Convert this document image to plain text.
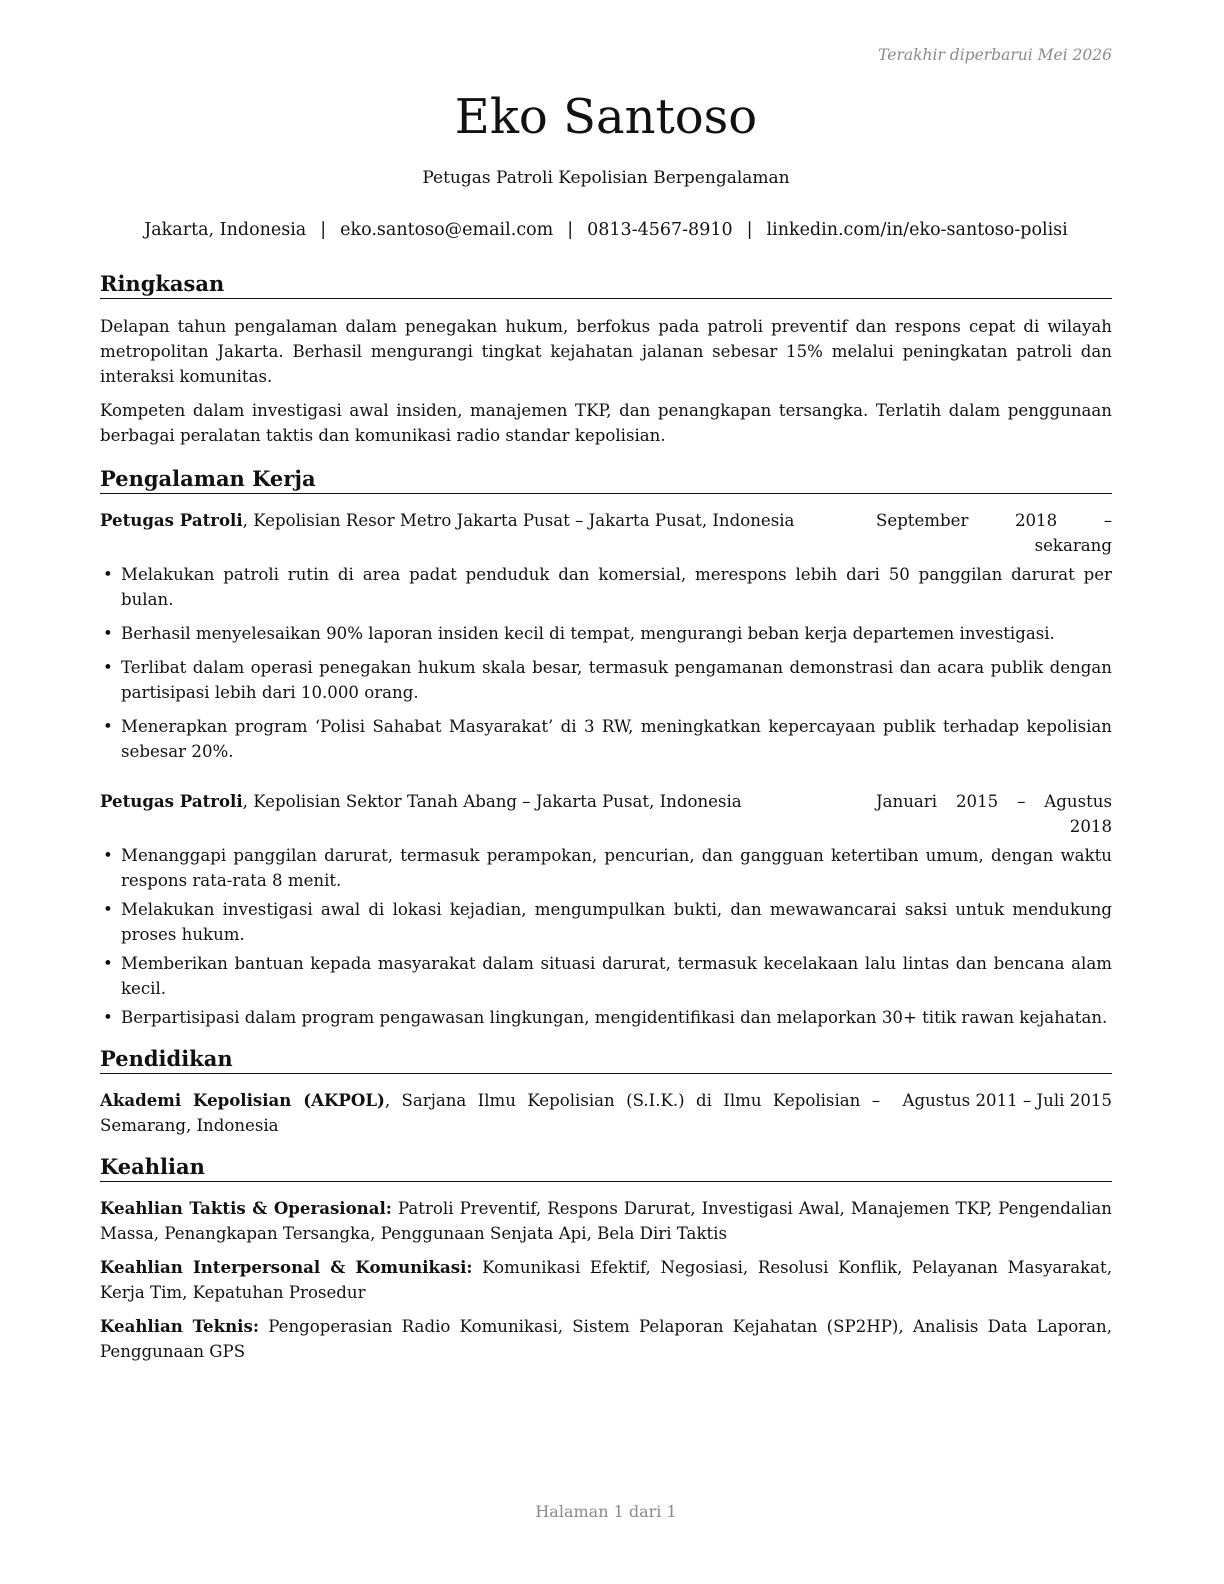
Terakhir diperbarui Mei 2026
Eko Santoso
Petugas Patroli Kepolisian Berpengalaman
Jakarta, Indonesia | eko.santoso@email.com | 0813-4567-8910 | linkedin.com/in/eko-santoso-polisi
Ringkasan

Delapan tahun pengalaman dalam penegakan hukum, berfokus pada patroli preventif dan respons cepat di wilayah metropolitan Jakarta. Berhasil mengurangi tingkat kejahatan jalanan sebesar 15% melalui peningkatan patroli dan interaksi komunitas.

Kompeten dalam investigasi awal insiden, manajemen TKP, dan penangkapan tersangka. Terlatih dalam penggunaan berbagai peralatan taktis dan komunikasi radio standar kepolisian.

Pengalaman Kerja
Petugas Patroli, Kepolisian Resor Metro Jakarta Pusat – Jakarta Pusat, Indonesia	September 2018 – sekarang
• Melakukan patroli rutin di area padat penduduk dan komersial, merespons lebih dari 50 panggilan darurat per bulan.
• Berhasil menyelesaikan 90% laporan insiden kecil di tempat, mengurangi beban kerja departemen investigasi.
• Terlibat dalam operasi penegakan hukum skala besar, termasuk pengamanan demonstrasi dan acara publik dengan partisipasi lebih dari 10.000 orang.
• Menerapkan program ‘Polisi Sahabat Masyarakat’ di 3 RW, meningkatkan kepercayaan publik terhadap kepolisian sebesar 20%.
Petugas Patroli, Kepolisian Sektor Tanah Abang – Jakarta Pusat, Indonesia	Januari 2015 – Agustus 2018
• Menanggapi panggilan darurat, termasuk perampokan, pencurian, dan gangguan ketertiban umum, dengan waktu respons rata-rata 8 menit.
• Melakukan investigasi awal di lokasi kejadian, mengumpulkan bukti, dan mewawancarai saksi untuk mendukung proses hukum.
• Memberikan bantuan kepada masyarakat dalam situasi darurat, termasuk kecelakaan lalu lintas dan bencana alam kecil.
• Berpartisipasi dalam program pengawasan lingkungan, mengidentifikasi dan melaporkan 30+ titik rawan kejahatan.
Pendidikan
Akademi Kepolisian (AKPOL), Sarjana Ilmu Kepolisian (S.I.K.) di Ilmu Kepolisian – Semarang, Indonesia
Agustus 2011 – Juli 2015
Keahlian

Keahlian Taktis & Operasional: Patroli Preventif, Respons Darurat, Investigasi Awal, Manajemen TKP, Pengendalian Massa, Penangkapan Tersangka, Penggunaan Senjata Api, Bela Diri Taktis

Keahlian Interpersonal & Komunikasi: Komunikasi Efektif, Negosiasi, Resolusi Konflik, Pelayanan Masyarakat, Kerja Tim, Kepatuhan Prosedur

Keahlian Teknis: Pengoperasian Radio Komunikasi, Sistem Pelaporan Kejahatan (SP2HP), Analisis Data Laporan, Penggunaan GPS

Halaman 1 dari 1
